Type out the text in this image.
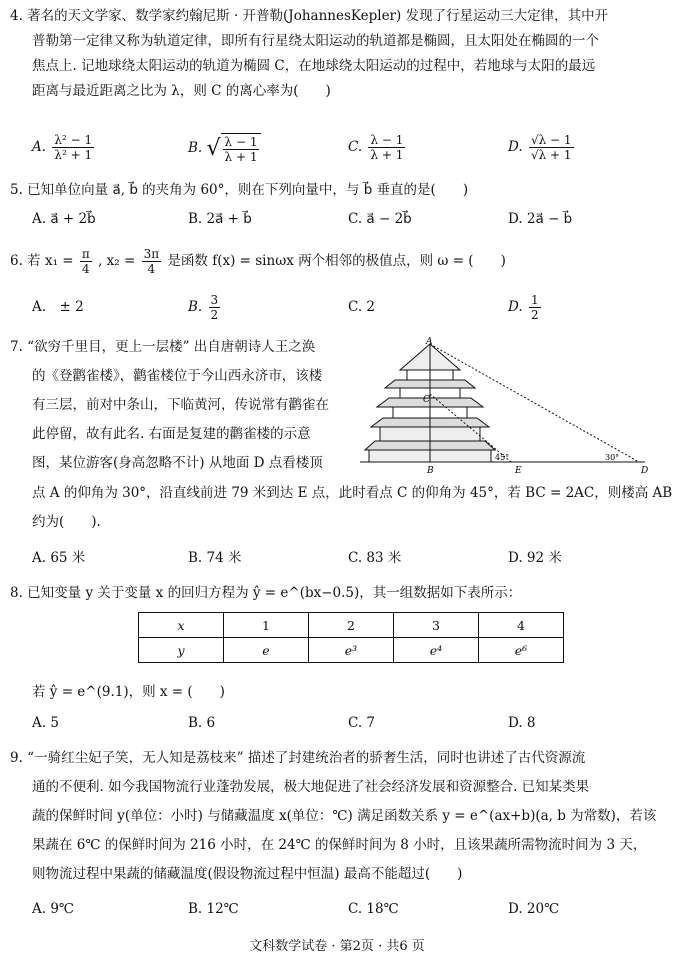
4. 著名的天文学家、数学家约翰尼斯 · 开普勒(JohannesKepler) 发现了行星运动三大定律，其中开
普勒第一定律又称为轨道定律，即所有行星绕太阳运动的轨道都是椭圆，且太阳处在椭圆的一个
焦点上. 记地球绕太阳运动的轨道为椭圆 C，在地球绕太阳运动的过程中，若地球与太阳的最远
距离与最近距离之比为 λ，则 C 的离心率为(　　)
A. $\frac{\text{λ² − 1}}{\text{λ² + 1}}$	B. √ $\frac{\lambda - 1}{\lambda + 1}$	C. $\frac{\lambda - 1}{\lambda + 1}$	D. $\frac{√\lambda - 1}{√\lambda + 1}$
5. 已知单位向量 a⃗, b⃗ 的夹角为 60°，则在下列向量中，与 b⃗ 垂直的是(　　)
A. a⃗ + 2b⃗	B. 2a⃗ + b⃗	C. a⃗ − 2b⃗	D. 2a⃗ − b⃗
6. 若 $x_1 = \frac{\pi}{4}$ , $x_2 = \frac{3\pi}{4}$ 是函数 f(x) = sinωx 两个相邻的极值点，则 ω = (　　)
A.　± 2	B. $\frac{3}{2}$	C. 2	D. $\frac{1}{2}$
7. “欲穷千里目，更上一层楼” 出自唐朝诗人王之涣
的《登鹳雀楼》，鹳雀楼位于今山西永济市，该楼
有三层，前对中条山，下临黄河，传说常有鹳雀在
此停留，故有此名. 右面是复建的鹳雀楼的示意
图，某位游客(身高忽略不计) 从地面 D 点看楼顶
点 A 的仰角为 30°，沿直线前进 79 米到达 E 点，此时看点 C 的仰角为 45°，若 BC = 2AC，则楼高 AB
约为(　　).
A
C
B	E	D
45°	30°
A. 65 米	B. 74 米	C. 83 米	D. 92 米
8. 已知变量 y 关于变量 x 的回归方程为 ŷ = e^(bx−0.5)，其一组数据如下表所示：
x	1	2	3	4
y	e	e³	e⁴	e⁶
若 ŷ = e^(9.1)，则 x = (　　)
A. 5	B. 6	C. 7	D. 8
9. “一骑红尘妃子笑，无人知是荔枝来” 描述了封建统治者的骄奢生活，同时也讲述了古代资源流
通的不便利. 如今我国物流行业蓬勃发展，极大地促进了社会经济发展和资源整合. 已知某类果
蔬的保鲜时间 y(单位：小时) 与储藏温度 x(单位：℃) 满足函数关系 y = e^(ax+b)(a, b 为常数)，若该
果蔬在 6℃ 的保鲜时间为 216 小时，在 24℃ 的保鲜时间为 8 小时，且该果蔬所需物流时间为 3 天，
则物流过程中果蔬的储藏温度(假设物流过程中恒温) 最高不能超过(　　)
A. 9℃	B. 12℃	C. 18℃	D. 20℃
文科数学试卷 · 第2页 · 共6 页
